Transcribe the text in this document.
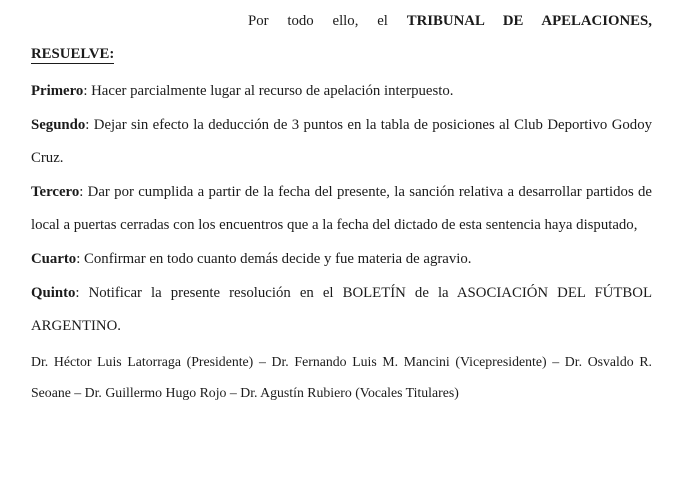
Por todo ello, el TRIBUNAL DE APELACIONES,

RESUELVE:

Primero: Hacer parcialmente lugar al recurso de apelación interpuesto.

Segundo: Dejar sin efecto la deducción de 3 puntos en la tabla de posiciones al Club Deportivo Godoy Cruz.

Tercero: Dar por cumplida a partir de la fecha del presente, la sanción relativa a desarrollar partidos de local a puertas cerradas con los encuentros que a la fecha del dictado de esta sentencia haya disputado,

Cuarto: Confirmar en todo cuanto demás decide y fue materia de agravio.

Quinto: Notificar la presente resolución en el BOLETÍN de la ASOCIACIÓN DEL FÚTBOL ARGENTINO.

Dr. Héctor Luis Latorraga (Presidente) – Dr. Fernando Luis M. Mancini (Vicepresidente) – Dr. Osvaldo R. Seoane – Dr. Guillermo Hugo Rojo – Dr. Agustín Rubiero (Vocales Titulares)
